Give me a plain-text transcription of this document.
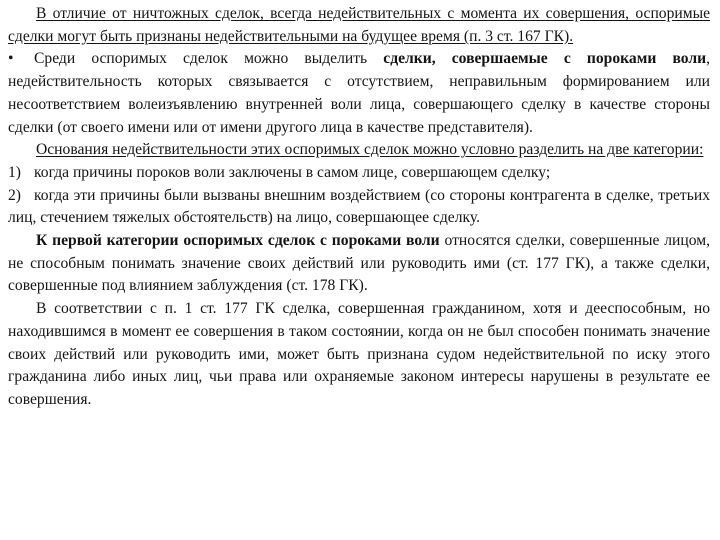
В отличие от ничтожных сделок, всегда недействительных с момента их совершения, оспоримые сделки могут быть признаны недействительными на будущее время (п. 3 ст. 167 ГК).

• Среди оспоримых сделок можно выделить сделки, совершаемые с пороками воли, недействительность которых связывается с отсутствием, неправильным формированием или несоответствием волеизъявлению внутренней воли лица, совершающего сделку в качестве стороны сделки (от своего имени или от имени другого лица в качестве представителя).

Основания недействительности этих оспоримых сделок можно условно разделить на две категории:

1) когда причины пороков воли заключены в самом лице, совершающем сделку;

2) когда эти причины были вызваны внешним воздействием (со стороны контрагента в сделке, третьих лиц, стечением тяжелых обстоятельств) на лицо, совершающее сделку.

К первой категории оспоримых сделок с пороками воли относятся сделки, совершенные лицом, не способным понимать значение своих действий или руководить ими (ст. 177 ГК), а также сделки, совершенные под влиянием заблуждения (ст. 178 ГК).

В соответствии с п. 1 ст. 177 ГК сделка, совершенная гражданином, хотя и дееспособным, но находившимся в момент ее совершения в таком состоянии, когда он не был способен понимать значение своих действий или руководить ими, может быть признана судом недействительной по иску этого гражданина либо иных лиц, чьи права или охраняемые законом интересы нарушены в результате ее совершения.
